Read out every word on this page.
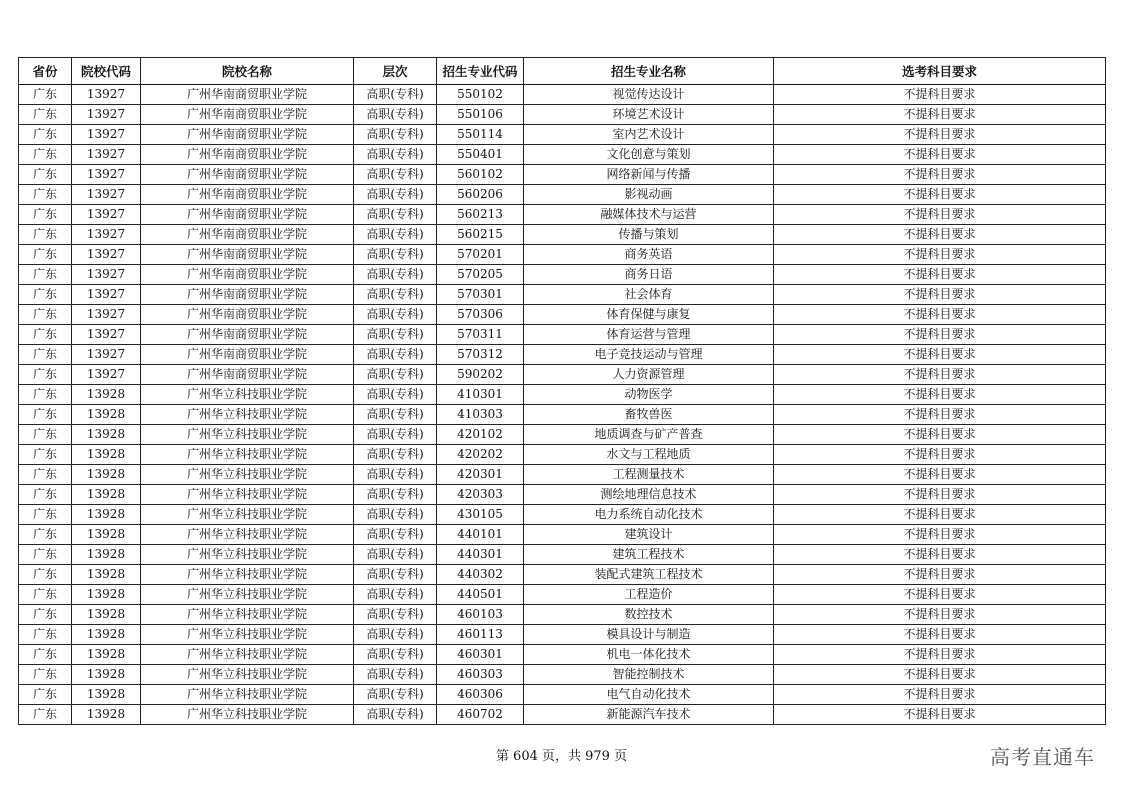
省份	院校代码	院校名称	层次	招生专业代码	招生专业名称	选考科目要求
广东	13927	广州华南商贸职业学院	高职(专科)	550102	视觉传达设计	不提科目要求
广东	13927	广州华南商贸职业学院	高职(专科)	550106	环境艺术设计	不提科目要求
广东	13927	广州华南商贸职业学院	高职(专科)	550114	室内艺术设计	不提科目要求
广东	13927	广州华南商贸职业学院	高职(专科)	550401	文化创意与策划	不提科目要求
广东	13927	广州华南商贸职业学院	高职(专科)	560102	网络新闻与传播	不提科目要求
广东	13927	广州华南商贸职业学院	高职(专科)	560206	影视动画	不提科目要求
广东	13927	广州华南商贸职业学院	高职(专科)	560213	融媒体技术与运营	不提科目要求
广东	13927	广州华南商贸职业学院	高职(专科)	560215	传播与策划	不提科目要求
广东	13927	广州华南商贸职业学院	高职(专科)	570201	商务英语	不提科目要求
广东	13927	广州华南商贸职业学院	高职(专科)	570205	商务日语	不提科目要求
广东	13927	广州华南商贸职业学院	高职(专科)	570301	社会体育	不提科目要求
广东	13927	广州华南商贸职业学院	高职(专科)	570306	体育保健与康复	不提科目要求
广东	13927	广州华南商贸职业学院	高职(专科)	570311	体育运营与管理	不提科目要求
广东	13927	广州华南商贸职业学院	高职(专科)	570312	电子竞技运动与管理	不提科目要求
广东	13927	广州华南商贸职业学院	高职(专科)	590202	人力资源管理	不提科目要求
广东	13928	广州华立科技职业学院	高职(专科)	410301	动物医学	不提科目要求
广东	13928	广州华立科技职业学院	高职(专科)	410303	畜牧兽医	不提科目要求
广东	13928	广州华立科技职业学院	高职(专科)	420102	地质调查与矿产普查	不提科目要求
广东	13928	广州华立科技职业学院	高职(专科)	420202	水文与工程地质	不提科目要求
广东	13928	广州华立科技职业学院	高职(专科)	420301	工程测量技术	不提科目要求
广东	13928	广州华立科技职业学院	高职(专科)	420303	测绘地理信息技术	不提科目要求
广东	13928	广州华立科技职业学院	高职(专科)	430105	电力系统自动化技术	不提科目要求
广东	13928	广州华立科技职业学院	高职(专科)	440101	建筑设计	不提科目要求
广东	13928	广州华立科技职业学院	高职(专科)	440301	建筑工程技术	不提科目要求
广东	13928	广州华立科技职业学院	高职(专科)	440302	装配式建筑工程技术	不提科目要求
广东	13928	广州华立科技职业学院	高职(专科)	440501	工程造价	不提科目要求
广东	13928	广州华立科技职业学院	高职(专科)	460103	数控技术	不提科目要求
广东	13928	广州华立科技职业学院	高职(专科)	460113	模具设计与制造	不提科目要求
广东	13928	广州华立科技职业学院	高职(专科)	460301	机电一体化技术	不提科目要求
广东	13928	广州华立科技职业学院	高职(专科)	460303	智能控制技术	不提科目要求
广东	13928	广州华立科技职业学院	高职(专科)	460306	电气自动化技术	不提科目要求
广东	13928	广州华立科技职业学院	高职(专科)	460702	新能源汽车技术	不提科目要求
第 604 页，共 979 页	高考直通车
